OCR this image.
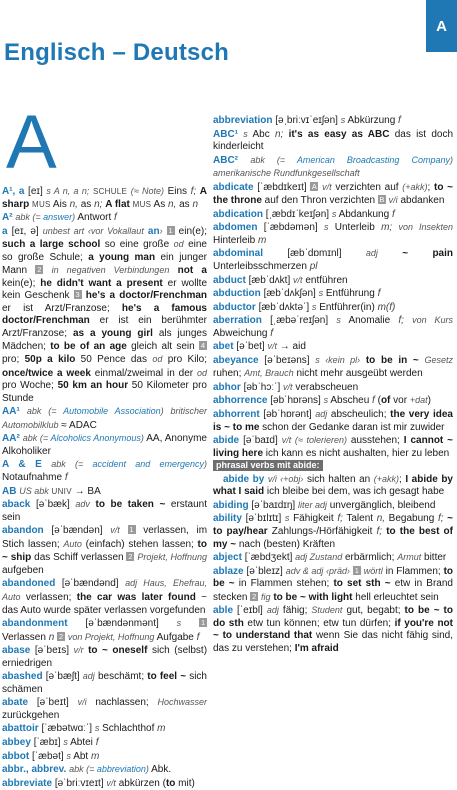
A
Englisch – Deutsch
A
A¹, a [eɪ] s A n, a n; SCHULE (≈ Note) Eins f; A sharp MUS Ais n, as n; A flat MUS As n, as n
A² abk (= answer) Antwort f
a [eɪ, ə] unbest art ‹vor Vokallaut an› 1 ein(e); such a large school so eine große od eine so große Schule; a young man ein junger Mann 2 in negativen Verbindungen not a kein(e); he didn't want a present er wollte kein Geschenk 3 he's a doctor/Frenchman er ist Arzt/Franzose; he's a famous doctor/Frenchman er ist ein berühmter Arzt/Franzose; as a young girl als junges Mädchen; to be of an age gleich alt sein 4 pro; 50p a kilo 50 Pence das od pro Kilo; once/twice a week einmal/zweimal in der od pro Woche; 50 km an hour 50 Kilometer pro Stunde
AA¹ abk (= Automobile Association) britischer Automobilklub ≈ ADAC
AA² abk (= Alcoholics Anonymous) AA, Anonyme Alkoholiker
A & E abk (= accident and emergency) Notaufnahme f
AB US abk UNIV → BA
aback [əˈbæk] adv to be taken ~ erstaunt sein
abandon [əˈbændən] v/t 1 verlassen, im Stich lassen; Auto (einfach) stehen lassen; to ~ ship das Schiff verlassen 2 Projekt, Hoffnung aufgeben
abandoned [əˈbændənd] adj Haus, Ehefrau, Auto verlassen; the car was later found ~ das Auto wurde später verlassen vorgefunden
abandonment [əˈbændənmənt] s	1 Verlassen n 2 von Projekt, Hoffnung Aufgabe f
abase [əˈbeɪs] v/r to ~ oneself sich (selbst) erniedrigen
abashed [əˈbæʃt] adj beschämt; to feel ~ sich schämen
abate [əˈbeɪt] v/i nachlassen; Hochwasser zurückgehen
abattoir [ˈæbətwɑːˈ] s Schlachthof m
abbey [ˈæbɪ] s Abtei f
abbot [ˈæbət] s Abt m
abbr., abbrev. abk (= abbreviation) Abk.
abbreviate [əˈbriːvɪeɪt] v/t abkürzen (to mit)
abbreviation [əˌbriːvɪˈeɪʃən] s Abkürzung f
ABC¹ s Abc n; it's as easy as ABC das ist doch kinderleicht
ABC² abk (= American Broadcasting Company) amerikanische Rundfunkgesellschaft
abdicate [ˈæbdɪkeɪt] A v/t verzichten auf (+akk); to ~ the throne auf den Thron verzichten B v/i abdanken
abdication [ˌæbdɪˈkeɪʃən] s Abdankung f
abdomen [ˈæbdəmən] s Unterleib m; von Insekten Hinterleib m
abdominal [æbˈdɒmɪnl]	adj ~ pain Unterleibsschmerzen pl
abduct [æbˈdʌkt] v/t entführen
abduction [æbˈdʌkʃən] s Entführung f
abductor [æbˈdʌktəˈ] s Entführer(in) m(f)
aberration [ˌæbəˈreɪʃən] s Anomalie f; von Kurs Abweichung f
abet [əˈbet] v/t → aid
abeyance [əˈbeɪəns] s ‹kein pl› to be in ~ Gesetz ruhen; Amt, Brauch nicht mehr ausgeübt werden
abhor [əbˈhɔːˈ] v/t verabscheuen
abhorrence [əbˈhɒrəns] s Abscheu f (of vor +dat)
abhorrent [əbˈhɒrənt] adj abscheulich; the very idea is ~ to me schon der Gedanke daran ist mir zuwider
abide [əˈbaɪd] v/t (≈ tolerieren) ausstehen; I cannot ~ living here ich kann es nicht aushalten, hier zu leben
phrasal verbs mit abide:
abide by v/i ‹+obj› sich halten an (+akk); I abide by what I said ich bleibe bei dem, was ich gesagt habe
abiding [əˈbaɪdɪŋ] liter adj unvergänglich, bleibend
ability [əˈbɪlɪtɪ] s Fähigkeit f; Talent n, Begabung f; ~ to pay/hear Zahlungs-/Hörfähigkeit f; to the best of my ~ nach (besten) Kräften
abject [ˈæbdʒekt] adj Zustand erbärmlich; Armut bitter
ablaze [əˈbleɪz] adv & adj ‹präd› 1 wörtl in Flammen; to be ~ in Flammen stehen; to set sth ~ etw in Brand stecken 2 fig to be ~ with light hell erleuchtet sein
able [ˈeɪbl] adj fähig; Student gut, begabt; to be ~ to do sth etw tun können; etw tun dürfen; if you're not ~ to understand that wenn Sie das nicht fähig sind, das zu verstehen; I'm afraid
